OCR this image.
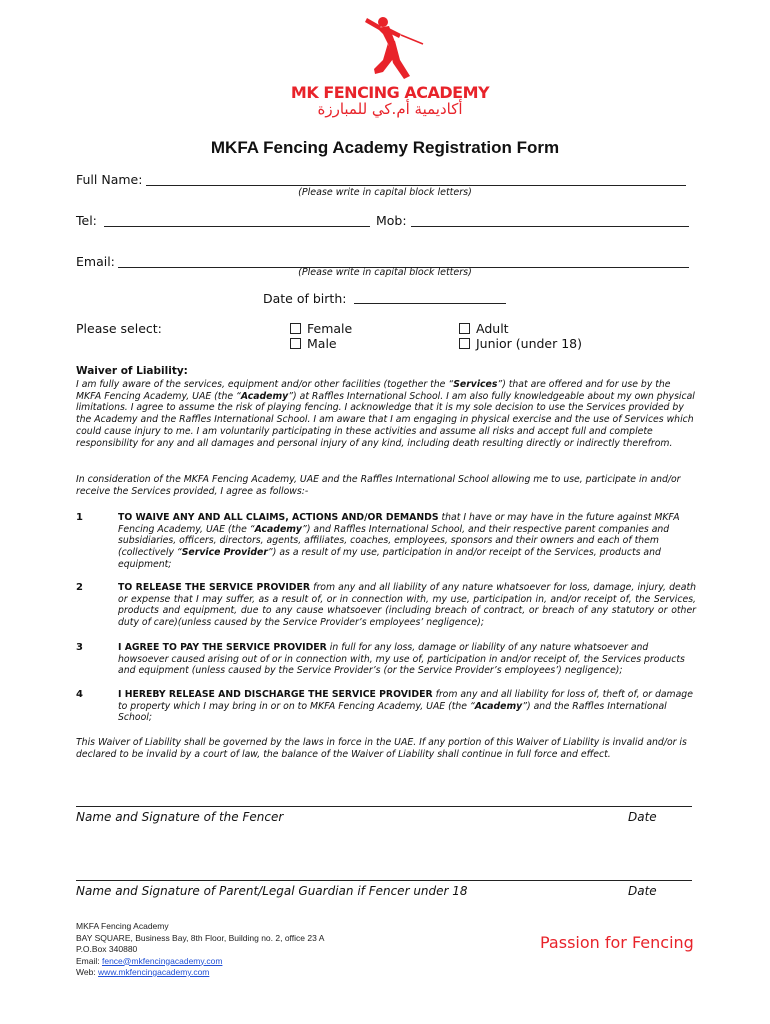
MK FENCING ACADEMY
أكاديمية أم.كي للمبارزة
MKFA Fencing Academy Registration Form
Full Name:
(Please write in capital block letters)
Tel:	Mob:
Email:
(Please write in capital block letters)
Date of birth:
Please select:	Female
Male
Adult
Junior (under 18)
Waiver of Liability:
I am fully aware of the services, equipment and/or other facilities (together the “Services”) that are offered and for use by the MKFA Fencing Academy, UAE (the “Academy”) at Raffles International School. I am also fully knowledgeable about my own physical limitations. I agree to assume the risk of playing fencing. I acknowledge that it is my sole decision to use the Services provided by the Academy and the Raffles International School. I am aware that I am engaging in physical exercise and the use of Services which could cause injury to me. I am voluntarily participating in these activities and assume all risks and accept full and complete responsibility for any and all damages and personal injury of any kind, including death resulting directly or indirectly therefrom.
In consideration of the MKFA Fencing Academy, UAE and the Raffles International School allowing me to use, participate in and/or receive the Services provided, I agree as follows:-
1	TO WAIVE ANY AND ALL CLAIMS, ACTIONS AND/OR DEMANDS that I have or may have in the future against MKFA Fencing Academy, UAE (the “Academy”) and Raffles International School, and their respective parent companies and subsidiaries, officers, directors, agents, affiliates, coaches, employees, sponsors and their owners and each of them (collectively “Service Provider”) as a result of my use, participation in and/or receipt of the Services, products and equipment;
2	TO RELEASE THE SERVICE PROVIDER from any and all liability of any nature whatsoever for loss, damage, injury, death or expense that I may suffer, as a result of, or in connection with, my use, participation in, and/or receipt of, the Services, products and equipment, due to any cause whatsoever (including breach of contract, or breach of any statutory or other duty of care)(unless caused by the Service Provider’s employees’ negligence);
3	I AGREE TO PAY THE SERVICE PROVIDER in full for any loss, damage or liability of any nature whatsoever and howsoever caused arising out of or in connection with, my use of, participation in and/or receipt of, the Services products and equipment (unless caused by the Service Provider’s (or the Service Provider’s employees’) negligence);
4	I HEREBY RELEASE AND DISCHARGE THE SERVICE PROVIDER from any and all liability for loss of, theft of, or damage to property which I may bring in or on to MKFA Fencing Academy, UAE (the “Academy”) and the Raffles International School;
This Waiver of Liability shall be governed by the laws in force in the UAE. If any portion of this Waiver of Liability is invalid and/or is declared to be invalid by a court of law, the balance of the Waiver of Liability shall continue in full force and effect.
Name and Signature of the Fencer	Date
Name and Signature of Parent/Legal Guardian if Fencer under 18	Date
MKFA Fencing Academy
BAY SQUARE, Business Bay, 8th Floor, Building no. 2, office 23 A
P.O.Box 340880
Email: fence@mkfencingacademy.com
Web: www.mkfencingacademy.com
Passion for Fencing
